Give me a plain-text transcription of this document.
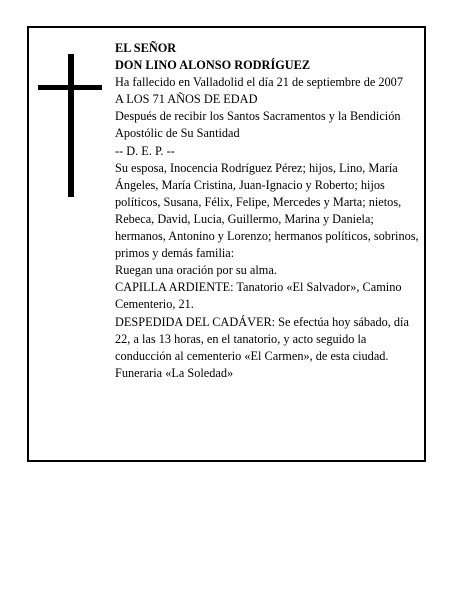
EL SEÑOR
DON LINO ALONSO RODRÍGUEZ
Ha fallecido en Valladolid el día 21 de septiembre de 2007
A LOS 71 AÑOS DE EDAD
Después de recibir los Santos Sacramentos y la Bendición Apostólic de Su Santidad
-- D. E. P. --
Su esposa, Inocencia Rodríguez Pérez; hijos, Lino, María Ángeles, María Cristina, Juan-Ignacio y Roberto; hijos políticos, Susana, Félix, Felipe, Mercedes y Marta; nietos, Rebeca, David, Lucia, Guillermo, Marina y Daniela; hermanos, Antonino y Lorenzo; hermanos políticos, sobrinos, primos y demás familia:
Ruegan una oración por su alma.
CAPILLA ARDIENTE: Tanatorio «El Salvador», Camino Cementerio, 21.
DESPEDIDA DEL CADÁVER: Se efectúa hoy sábado, día 22, a las 13 horas, en el tanatorio, y acto seguido la conducción al cementerio «El Carmen», de esta ciudad.
Funeraria «La Soledad»
